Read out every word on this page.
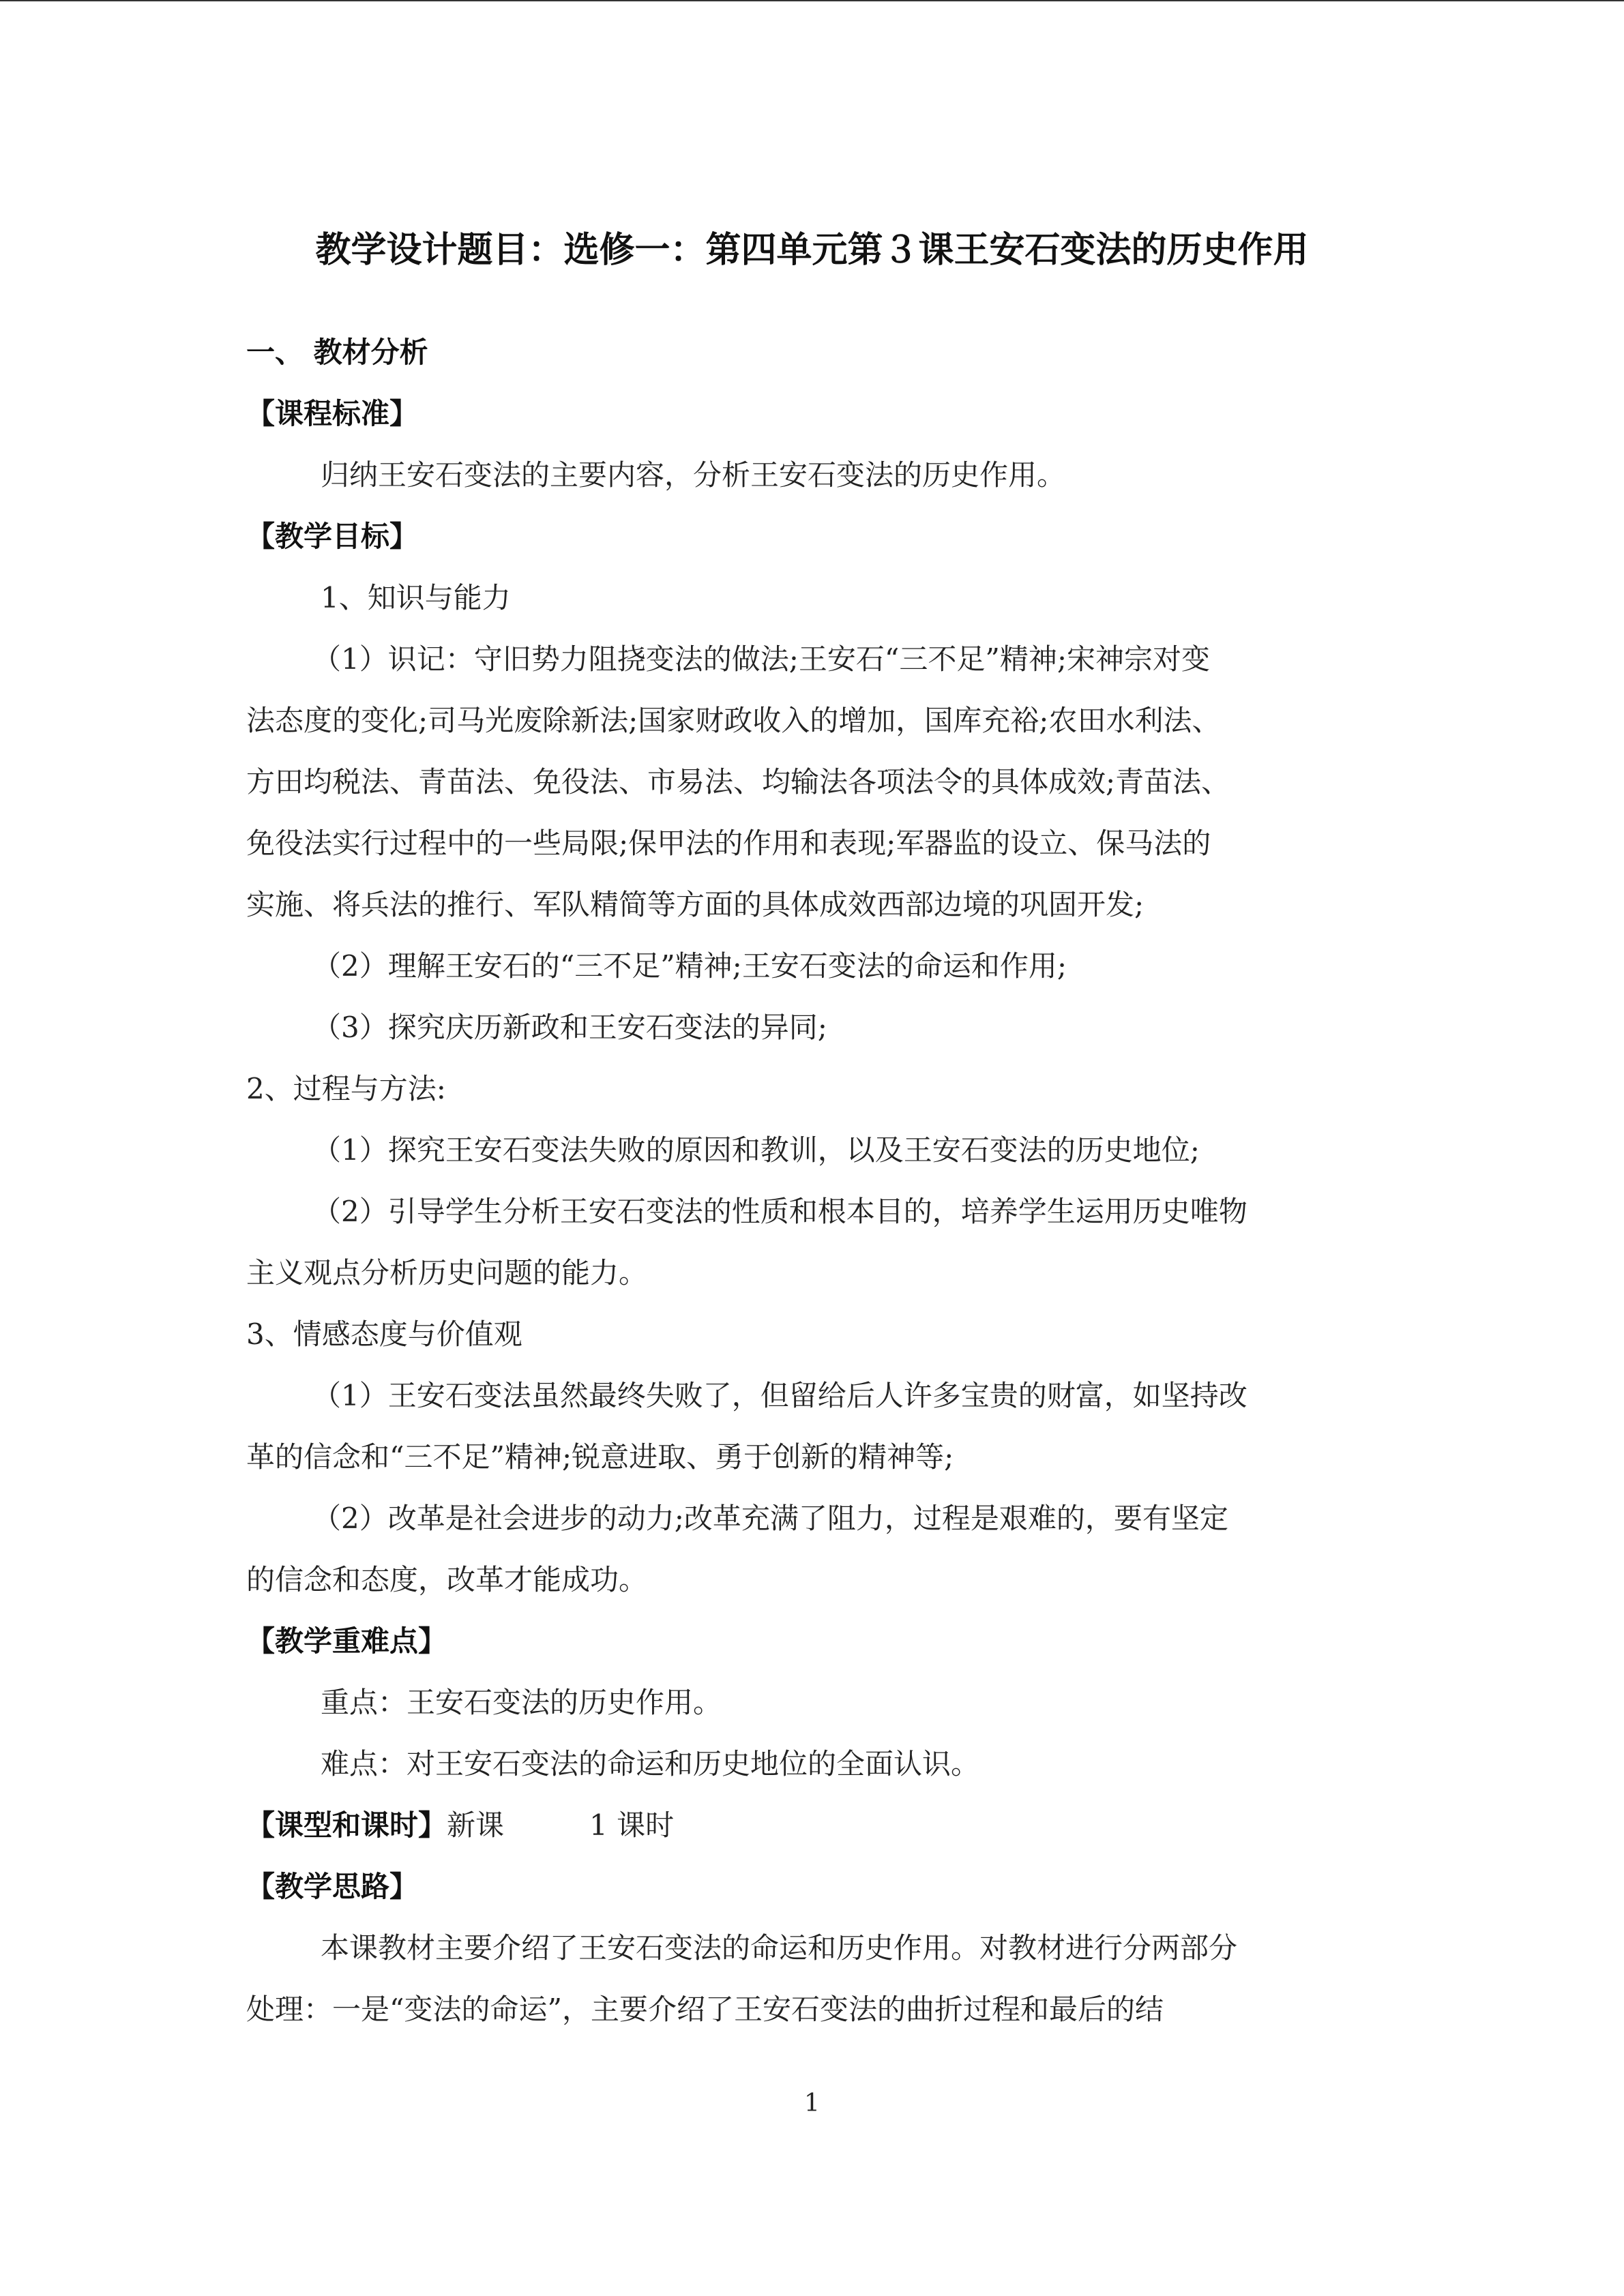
教学设计题目：选修一：第四单元第３课王安石变法的历史作用
一、 教材分析
【课程标准】
归纳王安石变法的主要内容，分析王安石变法的历史作用。
【教学目标】
1、知识与能力
（1）识记：守旧势力阻挠变法的做法;王安石“三不足”精神;宋神宗对变
法态度的变化;司马光废除新法;国家财政收入的增加，国库充裕;农田水利法、
方田均税法、青苗法、免役法、市易法、均输法各项法令的具体成效;青苗法、
免役法实行过程中的一些局限;保甲法的作用和表现;军器监的设立、保马法的
实施、将兵法的推行、军队精简等方面的具体成效西部边境的巩固开发;
（2）理解王安石的“三不足”精神;王安石变法的命运和作用;
（3）探究庆历新政和王安石变法的异同;
2、过程与方法:
（1）探究王安石变法失败的原因和教训，以及王安石变法的历史地位;
（2）引导学生分析王安石变法的性质和根本目的，培养学生运用历史唯物
主义观点分析历史问题的能力。
3、情感态度与价值观
（1）王安石变法虽然最终失败了，但留给后人许多宝贵的财富，如坚持改
革的信念和“三不足”精神;锐意进取、勇于创新的精神等;
（2）改革是社会进步的动力;改革充满了阻力，过程是艰难的，要有坚定
的信念和态度，改革才能成功。
【教学重难点】
重点：王安石变法的历史作用。
难点：对王安石变法的命运和历史地位的全面认识。
【课型和课时】新课	1 课时
【教学思路】
本课教材主要介绍了王安石变法的命运和历史作用。对教材进行分两部分
处理：一是“变法的命运”，主要介绍了王安石变法的曲折过程和最后的结
1
